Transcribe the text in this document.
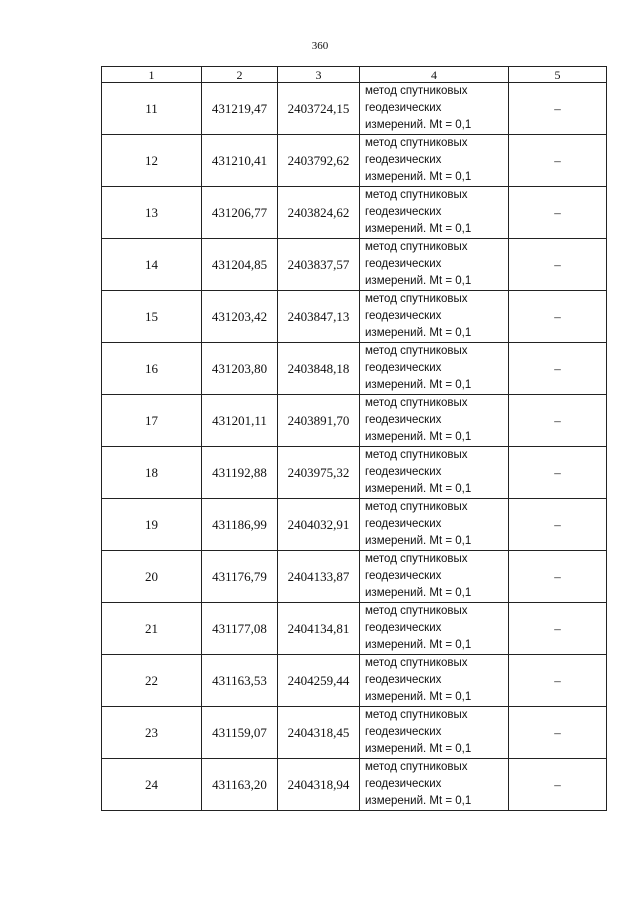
360
1	2	3	4	5
11	431219,47	2403724,15	метод спутниковых
геодезических
измерений. Mt = 0,1	–
12	431210,41	2403792,62	метод спутниковых
геодезических
измерений. Mt = 0,1	–
13	431206,77	2403824,62	метод спутниковых
геодезических
измерений. Mt = 0,1	–
14	431204,85	2403837,57	метод спутниковых
геодезических
измерений. Mt = 0,1	–
15	431203,42	2403847,13	метод спутниковых
геодезических
измерений. Mt = 0,1	–
16	431203,80	2403848,18	метод спутниковых
геодезических
измерений. Mt = 0,1	–
17	431201,11	2403891,70	метод спутниковых
геодезических
измерений. Mt = 0,1	–
18	431192,88	2403975,32	метод спутниковых
геодезических
измерений. Mt = 0,1	–
19	431186,99	2404032,91	метод спутниковых
геодезических
измерений. Mt = 0,1	–
20	431176,79	2404133,87	метод спутниковых
геодезических
измерений. Mt = 0,1	–
21	431177,08	2404134,81	метод спутниковых
геодезических
измерений. Mt = 0,1	–
22	431163,53	2404259,44	метод спутниковых
геодезических
измерений. Mt = 0,1	–
23	431159,07	2404318,45	метод спутниковых
геодезических
измерений. Mt = 0,1	–
24	431163,20	2404318,94	метод спутниковых
геодезических
измерений. Mt = 0,1	–
